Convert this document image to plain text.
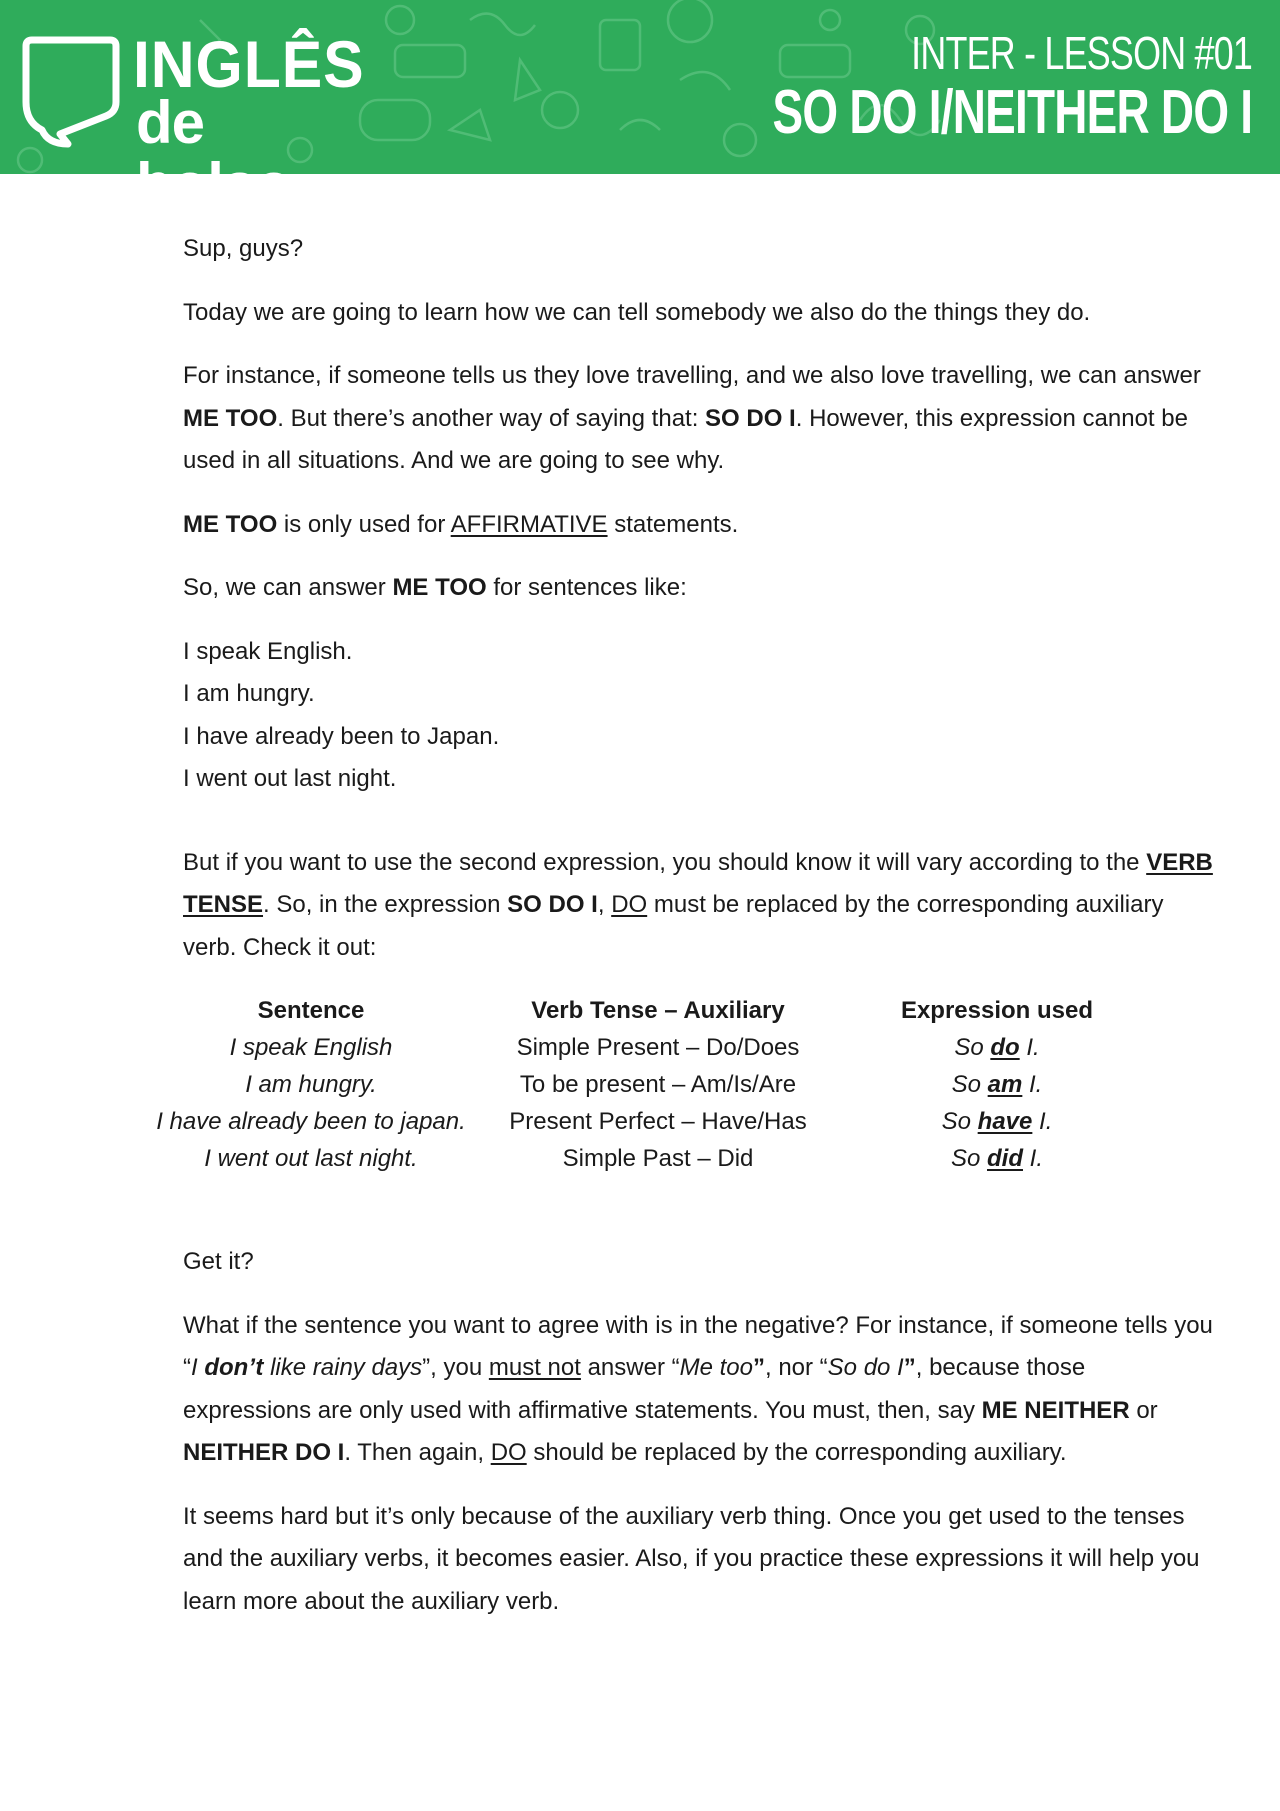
INGLÊS
de bolso
INTER - LESSON #01
SO DO I/NEITHER DO I

Sup, guys?

Today we are going to learn how we can tell somebody we also do the things they do.

For instance, if someone tells us they love travelling, and we also love travelling, we can answer ME TOO. But there’s another way of saying that: SO DO I. However, this expression cannot be used in all situations. And we are going to see why.

ME TOO is only used for AFFIRMATIVE statements.

So, we can answer ME TOO for sentences like:

I speak English.
I am hungry.
I have already been to Japan.
I went out last night.

But if you want to use the second expression, you should know it will vary according to the VERB TENSE. So, in the expression SO DO I, DO must be replaced by the corresponding auxiliary verb. Check it out:

Sentence	Verb Tense – Auxiliary	Expression used
I speak English	Simple Present – Do/Does	So do I.
I am hungry.	To be present – Am/Is/Are	So am I.
I have already been to japan.	Present Perfect – Have/Has	So have I.
I went out last night.	Simple Past – Did	So did I.

Get it?

What if the sentence you want to agree with is in the negative? For instance, if someone tells you “I don’t like rainy days”, you must not answer “Me too”, nor “So do I”, because those expressions are only used with affirmative statements. You must, then, say ME NEITHER or NEITHER DO I. Then again, DO should be replaced by the corresponding auxiliary.

It seems hard but it’s only because of the auxiliary verb thing. Once you get used to the tenses and the auxiliary verbs, it becomes easier. Also, if you practice these expressions it will help you learn more about the auxiliary verb.
